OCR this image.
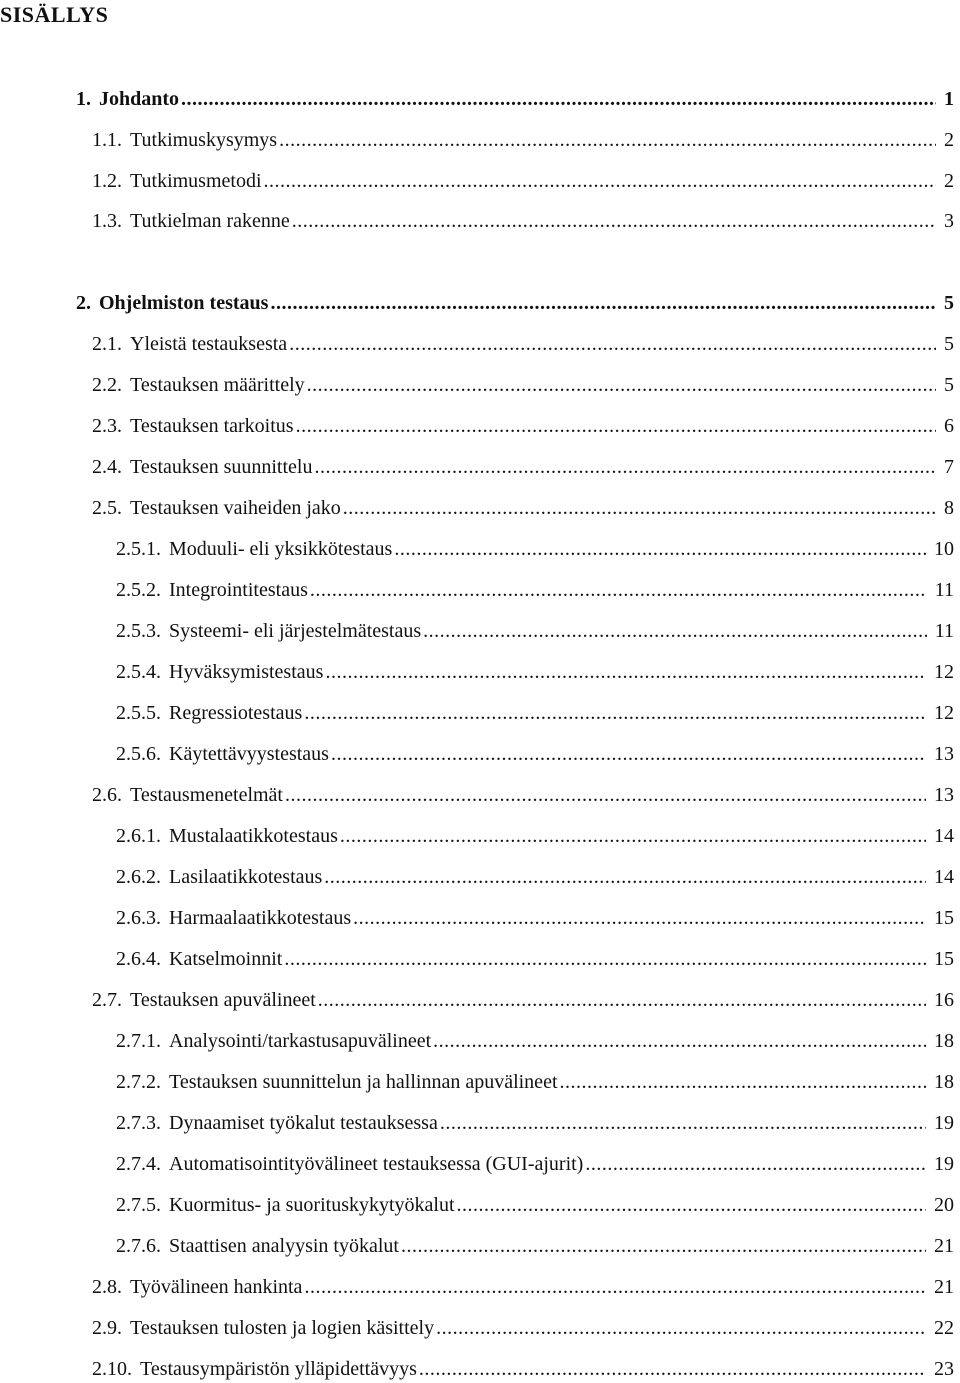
SISÄLLYS
1. Johdanto .....	1
1.1. Tutkimuskysymys .....	2
1.2. Tutkimusmetodi .....	2
1.3. Tutkielman rakenne .....	3
2. Ohjelmiston testaus .....	5
2.1. Yleistä testauksesta .....	5
2.2. Testauksen määrittely .....	5
2.3. Testauksen tarkoitus .....	6
2.4. Testauksen suunnittelu .....	7
2.5. Testauksen vaiheiden jako .....	8
2.5.1. Moduuli- eli yksikkötestaus .....	10
2.5.2. Integrointitestaus .....	11
2.5.3. Systeemi- eli järjestelmätestaus .....	11
2.5.4. Hyväksymistestaus .....	12
2.5.5. Regressiotestaus .....	12
2.5.6. Käytettävyystestaus .....	13
2.6. Testausmenetelmät .....	13
2.6.1. Mustalaatikkotestaus .....	14
2.6.2. Lasilaatikkotestaus .....	14
2.6.3. Harmaalaatikkotestaus .....	15
2.6.4. Katselmoinnit .....	15
2.7. Testauksen apuvälineet .....	16
2.7.1. Analysointi/tarkastusapuvälineet .....	18
2.7.2. Testauksen suunnittelun ja hallinnan apuvälineet .....	18
2.7.3. Dynaamiset työkalut testauksessa .....	19
2.7.4. Automatisointityövälineet testauksessa (GUI-ajurit) .....	19
2.7.5. Kuormitus- ja suorituskykytyökalut .....	20
2.7.6. Staattisen analyysin työkalut .....	21
2.8. Työvälineen hankinta .....	21
2.9. Testauksen tulosten ja logien käsittely .....	22
2.10. Testausympäristön ylläpidettävyys .....	23
